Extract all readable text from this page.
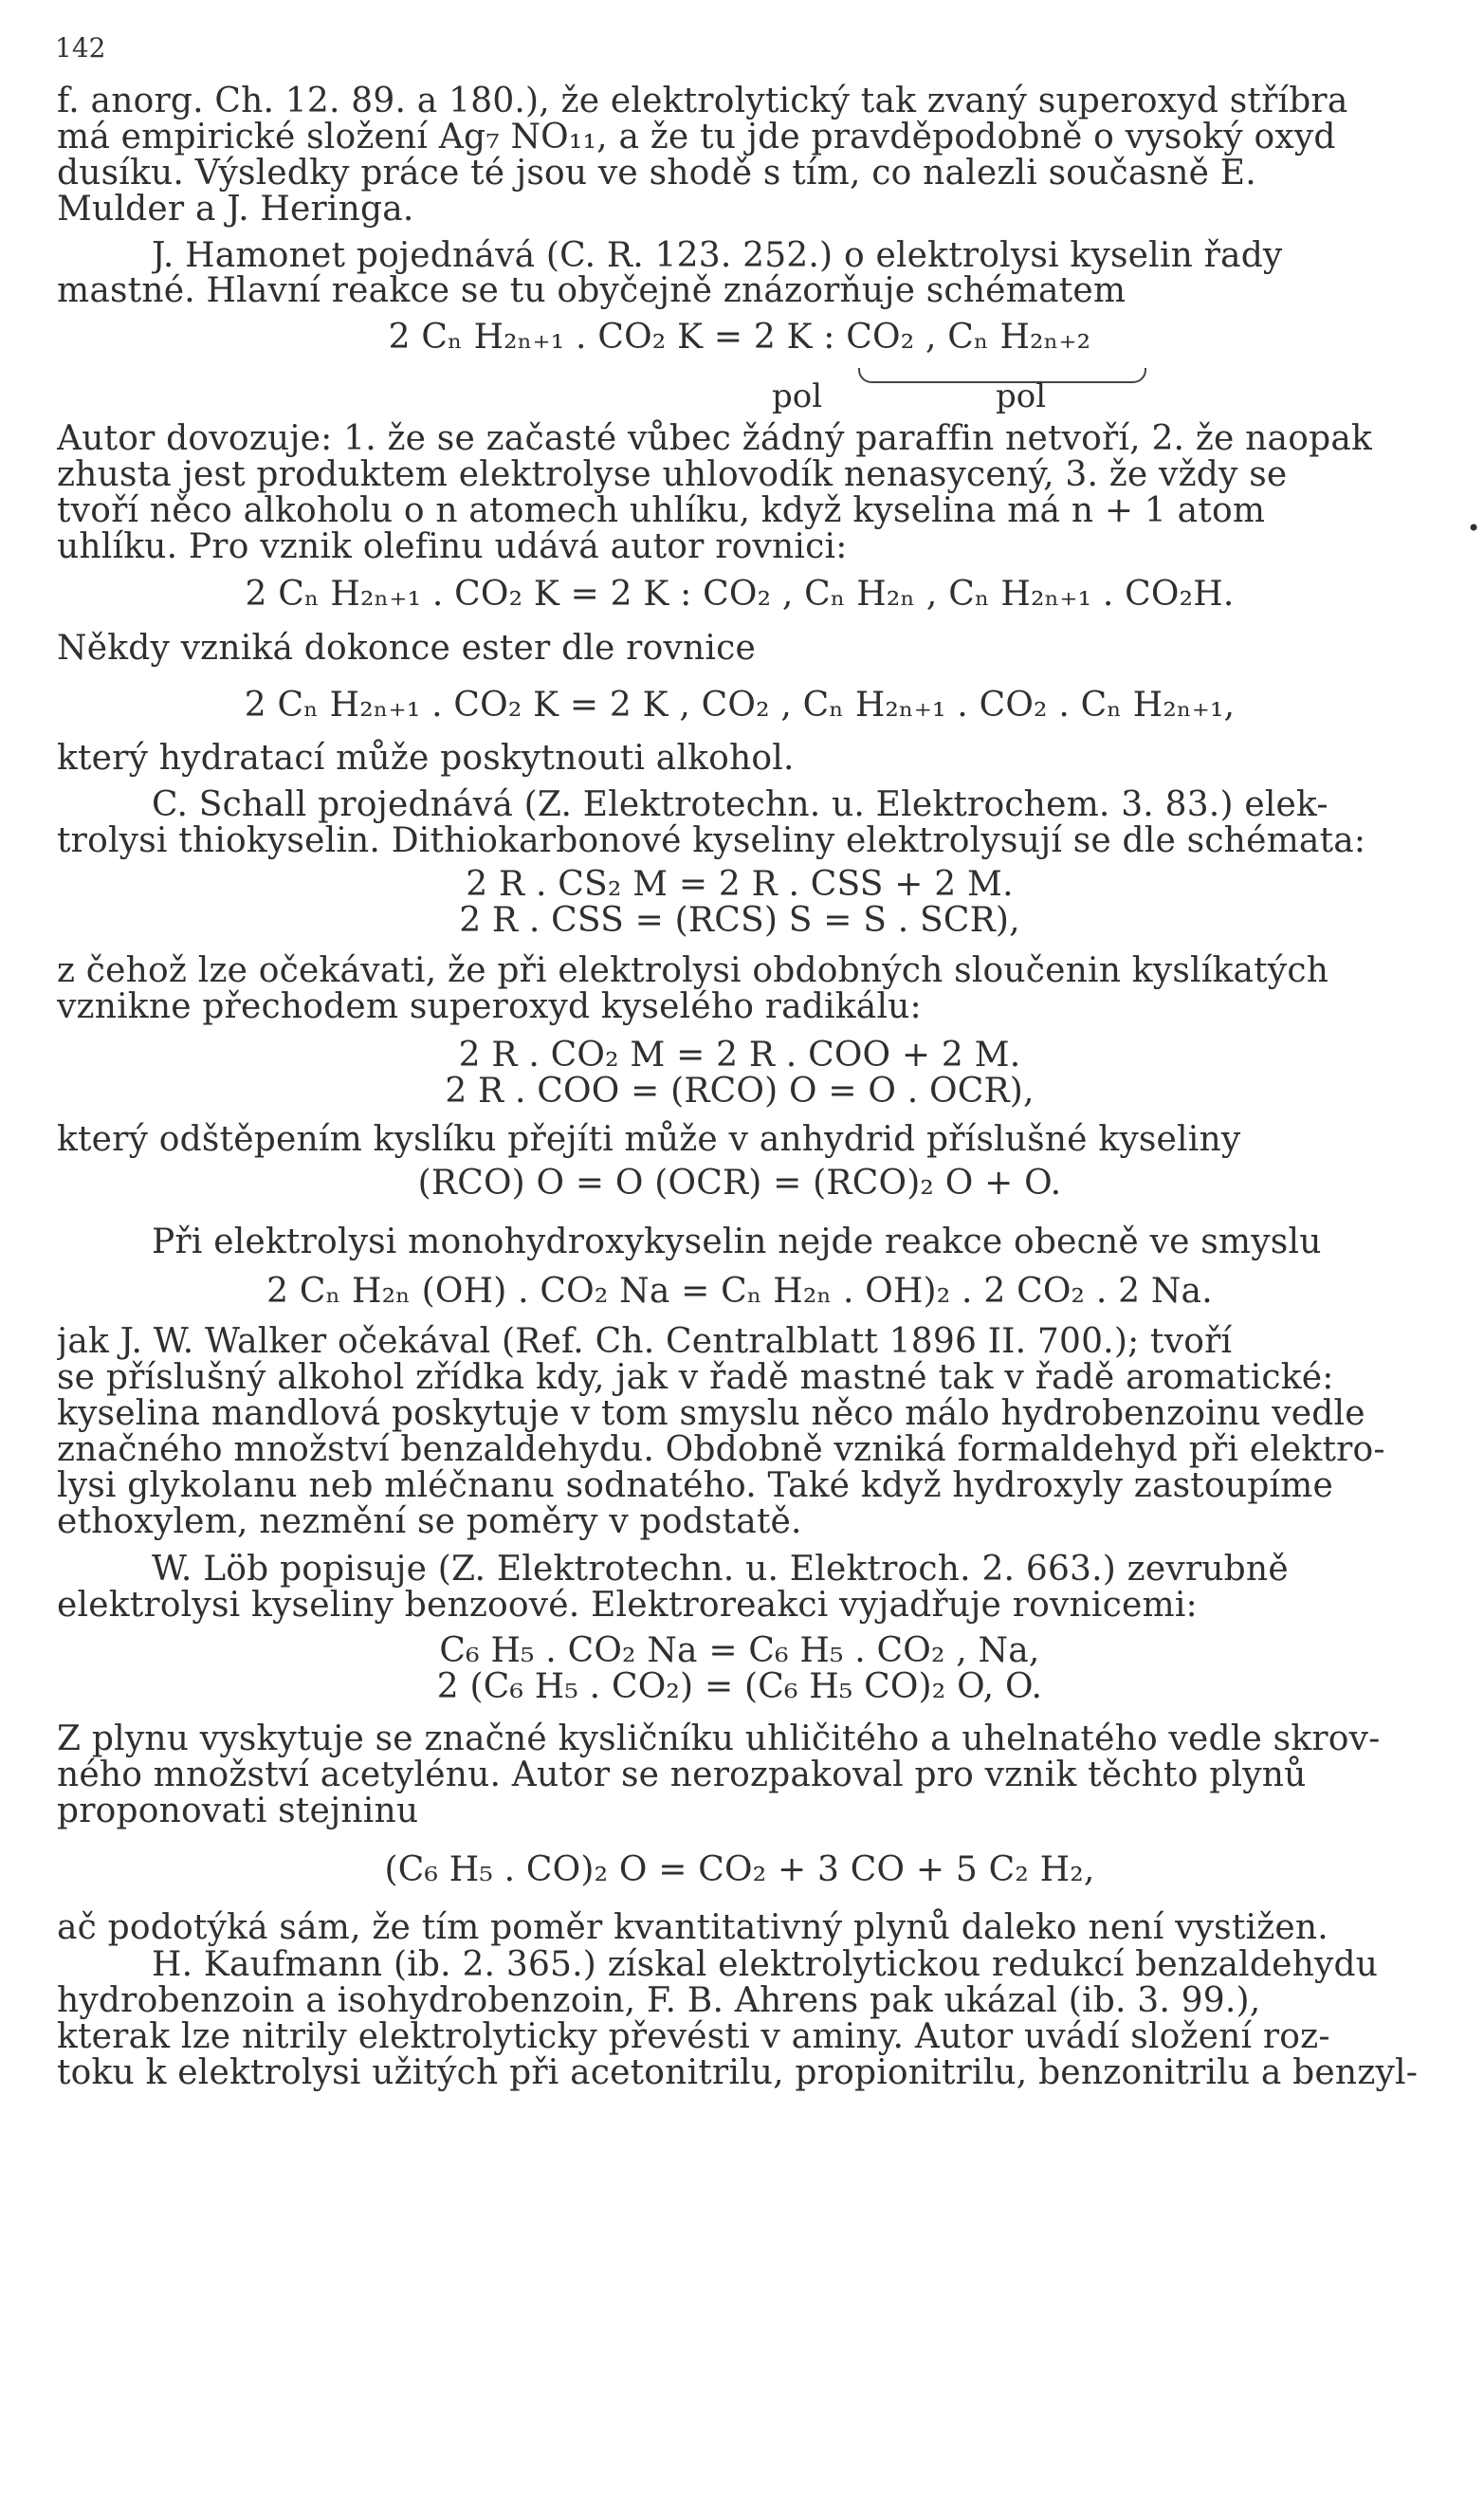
142
f. anorg. Ch. 12. 89. a 180.), že elektrolytický tak zvaný superoxyd stříbra
má empirické složení Ag₇ NO₁₁, a že tu jde pravděpodobně o vysoký oxyd
dusíku. Výsledky práce té jsou ve shodě s tím, co nalezli současně E.
Mulder a J. Heringa.
J. Hamonet pojednává (C. R. 123. 252.) o elektrolysi kyselin řady
mastné. Hlavní reakce se tu obyčejně znázorňuje schématem
2 Cₙ H₂ₙ₊₁ . CO₂ K = 2 K : CO₂ , Cₙ H₂ₙ₊₂
pol	pol
Autor dovozuje: 1. že se začasté vůbec žádný paraffin netvoří, 2. že naopak
zhusta jest produktem elektrolyse uhlovodík nenasycený, 3. že vždy se
tvoří něco alkoholu o n atomech uhlíku, když kyselina má n + 1 atom
uhlíku. Pro vznik olefinu udává autor rovnici:	•
2 Cₙ H₂ₙ₊₁ . CO₂ K = 2 K : CO₂ , Cₙ H₂ₙ , Cₙ H₂ₙ₊₁ . CO₂H.
Někdy vzniká dokonce ester dle rovnice
2 Cₙ H₂ₙ₊₁ . CO₂ K = 2 K , CO₂ , Cₙ H₂ₙ₊₁ . CO₂ . Cₙ H₂ₙ₊₁,
který hydratací může poskytnouti alkohol.
C. Schall projednává (Z. Elektrotechn. u. Elektrochem. 3. 83.) elek-
trolysi thiokyselin. Dithiokarbonové kyseliny elektrolysují se dle schémata:
2 R . CS₂ M = 2 R . CSS + 2 M.
2 R . CSS = (RCS) S = S . SCR),
z čehož lze očekávati, že při elektrolysi obdobných sloučenin kyslíkatých
vznikne přechodem superoxyd kyselého radikálu:
2 R . CO₂ M = 2 R . COO + 2 M.
2 R . COO = (RCO) O = O . OCR),
který odštěpením kyslíku přejíti může v anhydrid příslušné kyseliny
(RCO) O = O (OCR) = (RCO)₂ O + O.
Při elektrolysi monohydroxykyselin nejde reakce obecně ve smyslu
2 Cₙ H₂ₙ (OH) . CO₂ Na = Cₙ H₂ₙ . OH)₂ . 2 CO₂ . 2 Na.
jak J. W. Walker očekával (Ref. Ch. Centralblatt 1896 II. 700.); tvoří
se příslušný alkohol zřídka kdy, jak v řadě mastné tak v řadě aromatické:
kyselina mandlová poskytuje v tom smyslu něco málo hydrobenzoinu vedle
značného množství benzaldehydu. Obdobně vzniká formaldehyd při elektro-
lysi glykolanu neb mléčnanu sodnatého. Také když hydroxyly zastoupíme
ethoxylem, nezmění se poměry v podstatě.
W. Löb popisuje (Z. Elektrotechn. u. Elektroch. 2. 663.) zevrubně
elektrolysi kyseliny benzoové. Elektroreakci vyjadřuje rovnicemi:
C₆ H₅ . CO₂ Na = C₆ H₅ . CO₂ , Na,
2 (C₆ H₅ . CO₂) = (C₆ H₅ CO)₂ O, O.
Z plynu vyskytuje se značné kysličníku uhličitého a uhelnatého vedle skrov-
ného množství acetylénu. Autor se nerozpakoval pro vznik těchto plynů
proponovati stejninu
(C₆ H₅ . CO)₂ O = CO₂ + 3 CO + 5 C₂ H₂,
ač podotýká sám, že tím poměr kvantitativný plynů daleko není vystižen.
H. Kaufmann (ib. 2. 365.) získal elektrolytickou redukcí benzaldehydu
hydrobenzoin a isohydrobenzoin, F. B. Ahrens pak ukázal (ib. 3. 99.),
kterak lze nitrily elektrolyticky převésti v aminy. Autor uvádí složení roz-
toku k elektrolysi užitých při acetonitrilu, propionitrilu, benzonitrilu a benzyl-
